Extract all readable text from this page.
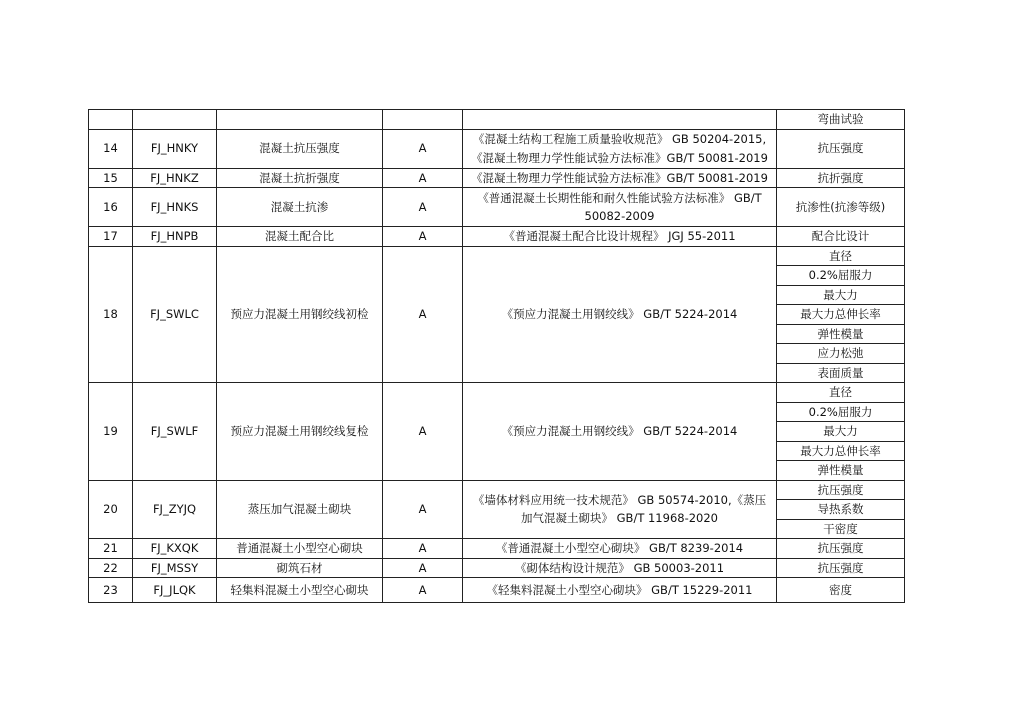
					弯曲试验
14	FJ_HNKY	混凝土抗压强度	A	《混凝土结构工程施工质量验收规范》 GB 50204-2015,
《混凝土物理力学性能试验方法标准》GB/T 50081-2019	抗压强度
15	FJ_HNKZ	混凝土抗折强度	A	《混凝土物理力学性能试验方法标准》GB/T 50081-2019	抗折强度
16	FJ_HNKS	混凝土抗渗	A	《普通混凝土长期性能和耐久性能试验方法标准》 GB/T
50082-2009	抗渗性(抗渗等级)
17	FJ_HNPB	混凝土配合比	A	《普通混凝土配合比设计规程》 JGJ 55-2011	配合比设计
18	FJ_SWLC	预应力混凝土用钢绞线初检	A	《预应力混凝土用钢绞线》 GB/T 5224-2014	直径
					0.2%屈服力
					最大力
					最大力总伸长率
					弹性模量
					应力松弛
					表面质量
19	FJ_SWLF	预应力混凝土用钢绞线复检	A	《预应力混凝土用钢绞线》 GB/T 5224-2014	直径
					0.2%屈服力
					最大力
					最大力总伸长率
					弹性模量
20	FJ_ZYJQ	蒸压加气混凝土砌块	A	《墙体材料应用统一技术规范》 GB 50574-2010,《蒸压
加气混凝土砌块》 GB/T 11968-2020	抗压强度
					导热系数
					干密度
21	FJ_KXQK	普通混凝土小型空心砌块	A	《普通混凝土小型空心砌块》 GB/T 8239-2014	抗压强度
22	FJ_MSSY	砌筑石材	A	《砌体结构设计规范》 GB 50003-2011	抗压强度
23	FJ_JLQK	轻集料混凝土小型空心砌块	A	《轻集料混凝土小型空心砌块》 GB/T 15229-2011	密度
